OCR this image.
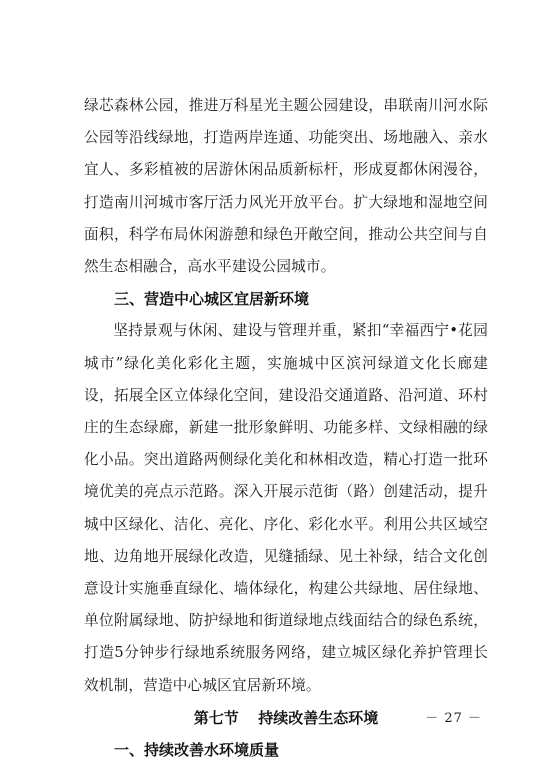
绿芯森林公园，推进万科星光主题公园建设，串联南川河水际公园等沿线绿地，打造两岸连通、功能突出、场地融入、亲水宜人、多彩植被的居游休闲品质新标杆，形成夏都休闲漫谷，打造南川河城市客厅活力风光开放平台。扩大绿地和湿地空间面积，科学布局休闲游憩和绿色开敞空间，推动公共空间与自然生态相融合，高水平建设公园城市。

三、营造中心城区宜居新环境

坚持景观与休闲、建设与管理并重，紧扣“幸福西宁•花园城市”绿化美化彩化主题，实施城中区滨河绿道文化长廊建设，拓展全区立体绿化空间，建设沿交通道路、沿河道、环村庄的生态绿廊，新建一批形象鲜明、功能多样、文绿相融的绿化小品。突出道路两侧绿化美化和林相改造，精心打造一批环境优美的亮点示范路。深入开展示范街（路）创建活动，提升城中区绿化、洁化、亮化、序化、彩化水平。利用公共区域空地、边角地开展绿化改造，见缝插绿、见土补绿，结合文化创意设计实施垂直绿化、墙体绿化，构建公共绿地、居住绿地、单位附属绿地、防护绿地和街道绿地点线面结合的绿色系统，打造5分钟步行绿地系统服务网络，建立城区绿化养护管理长效机制，营造中心城区宜居新环境。

第七节 持续改善生态环境

一、持续改善水环境质量

－ 27 －
